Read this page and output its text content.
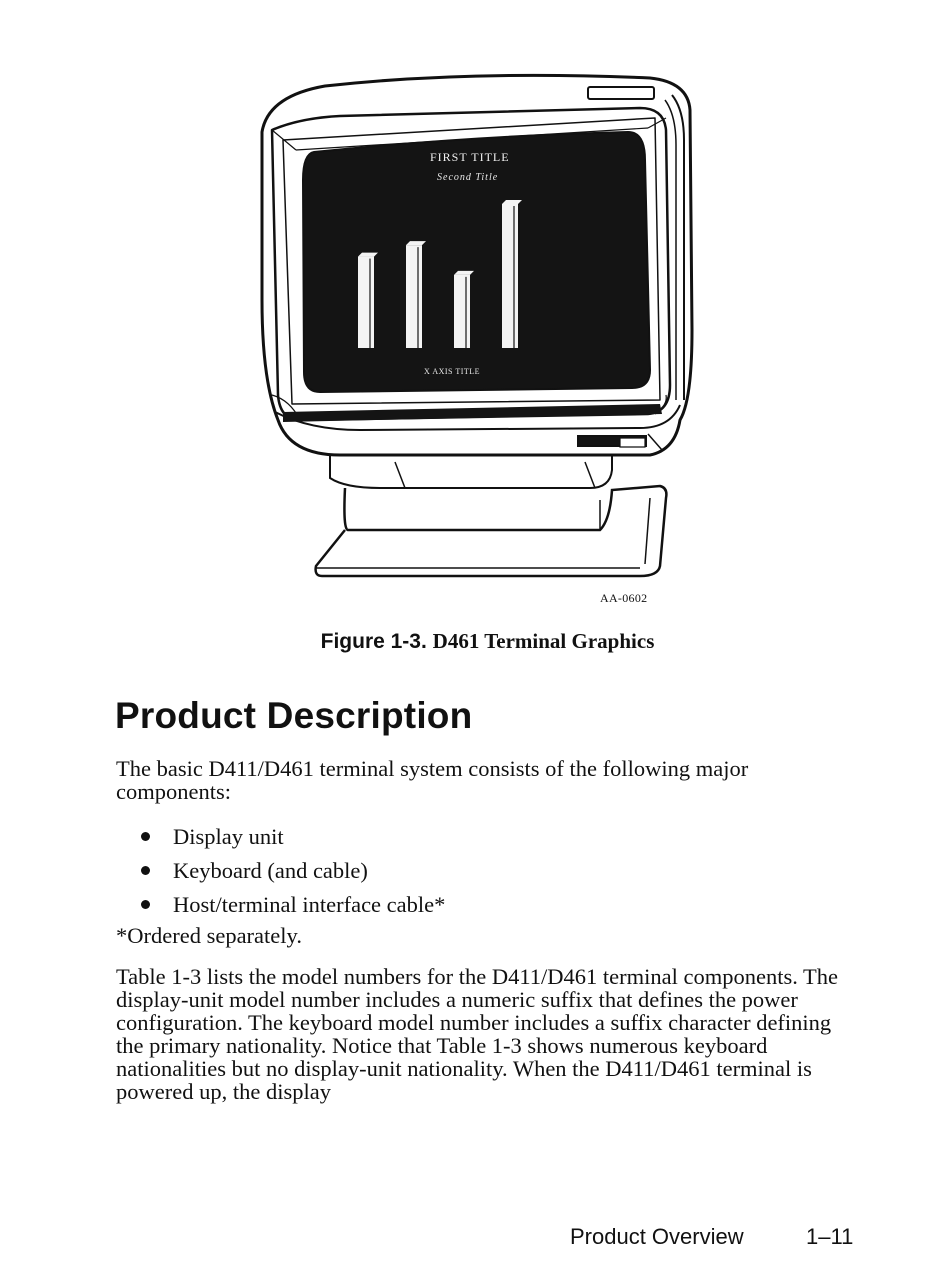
FIRST TITLE
Second Title
X AXIS TITLE
AA-0602
Figure 1-3. D461 Terminal Graphics
Product Description

The basic D411/D461 terminal system consists of the following major components:

Display unit
Keyboard (and cable)
Host/terminal interface cable*

*Ordered separately.

Table 1-3 lists the model numbers for the D411/D461 terminal components. The display-unit model number includes a numeric suffix that defines the power configuration. The keyboard model number includes a suffix character defining the primary nationality. Notice that Table 1-3 shows numerous keyboard nationalities but no display-unit nationality. When the D411/D461 terminal is powered up, the display

Product Overview	1–11
